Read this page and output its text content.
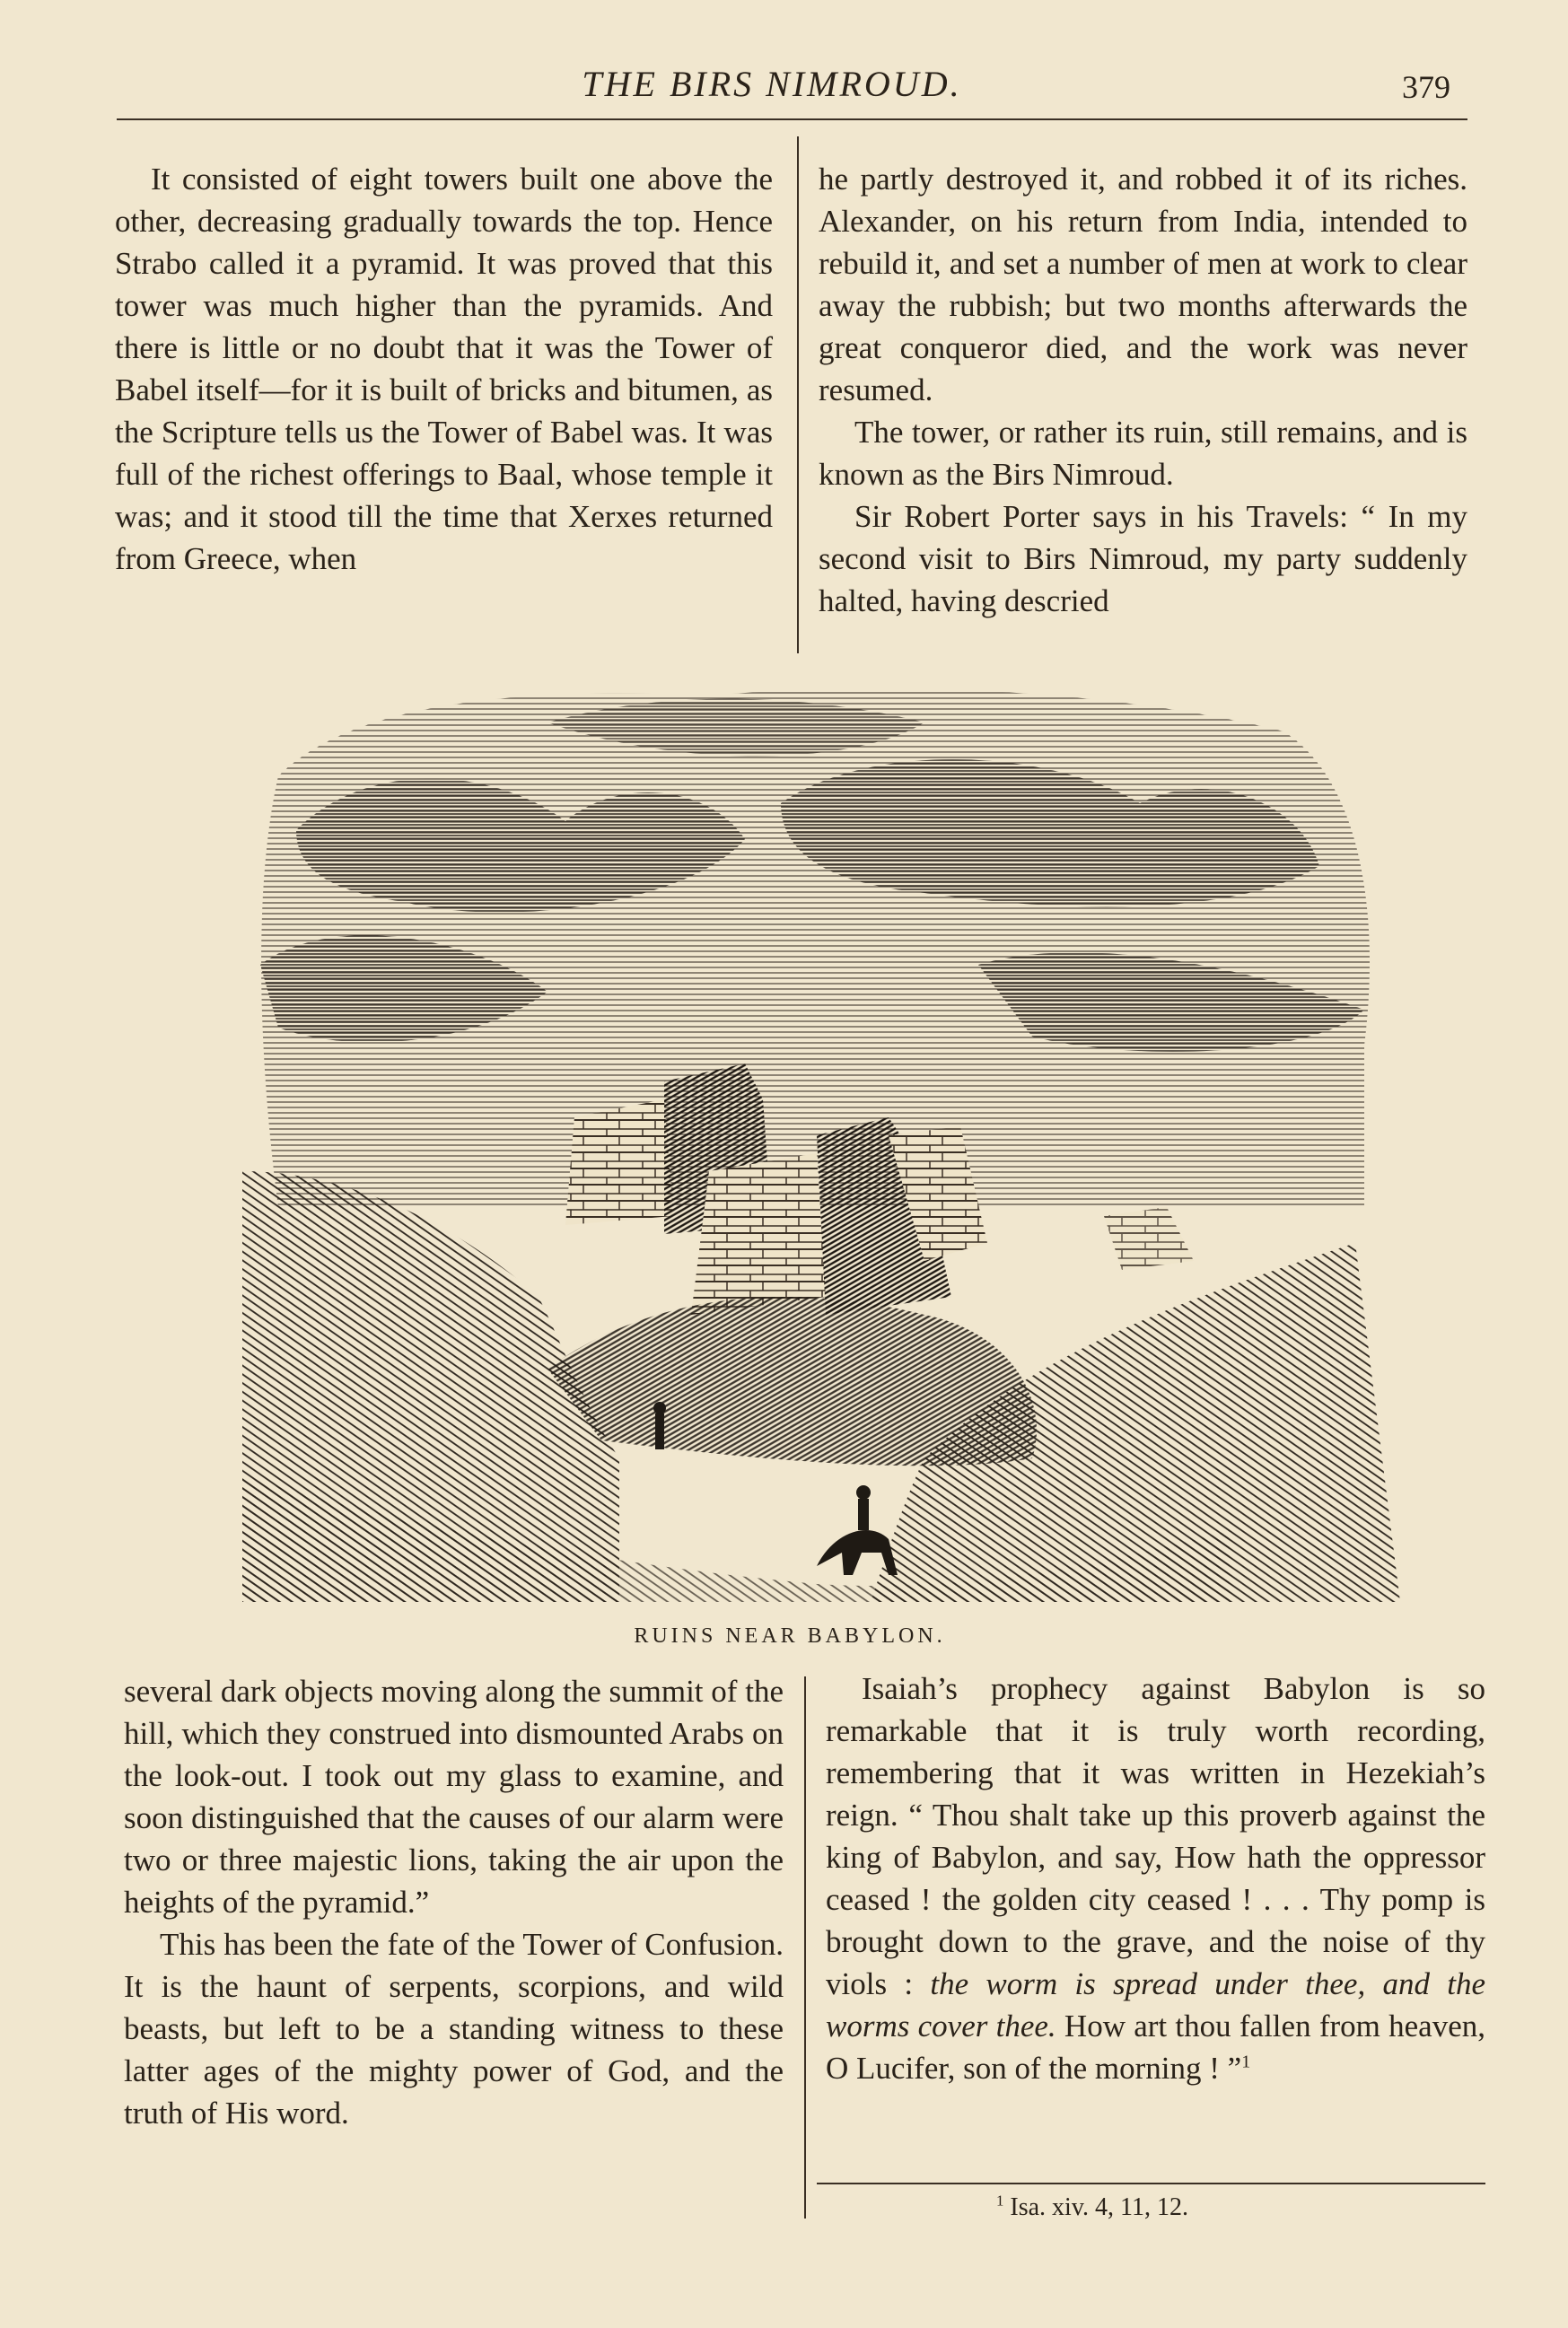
THE BIRS NIMROUD.	379

It consisted of eight towers built one above the other, decreasing gradually towards the top. Hence Strabo called it a pyramid. It was proved that this tower was much higher than the pyramids. And there is little or no doubt that it was the Tower of Babel itself—for it is built of bricks and bitumen, as the Scripture tells us the Tower of Babel was. It was full of the richest offerings to Baal, whose temple it was; and it stood till the time that Xerxes returned from Greece, when

he partly destroyed it, and robbed it of its riches. Alexander, on his return from India, intended to rebuild it, and set a number of men at work to clear away the rubbish; but two months afterwards the great conqueror died, and the work was never resumed.

The tower, or rather its ruin, still remains, and is known as the Birs Nimroud.

Sir Robert Porter says in his Travels: “ In my second visit to Birs Nimroud, my party suddenly halted, having descried

RUINS NEAR BABYLON.

several dark objects moving along the summit of the hill, which they construed into dismounted Arabs on the look-out. I took out my glass to examine, and soon distinguished that the causes of our alarm were two or three majestic lions, taking the air upon the heights of the pyramid.”

This has been the fate of the Tower of Confusion. It is the haunt of serpents, scorpions, and wild beasts, but left to be a standing witness to these latter ages of the mighty power of God, and the truth of His word.

Isaiah’s prophecy against Babylon is so remarkable that it is truly worth recording, remembering that it was written in Hezekiah’s reign. “ Thou shalt take up this proverb against the king of Babylon, and say, How hath the oppressor ceased ! the golden city ceased ! . . . Thy pomp is brought down to the grave, and the noise of thy viols : the worm is spread under thee, and the worms cover thee. How art thou fallen from heaven, O Lucifer, son of the morning ! ”$^1$

$^1$ Isa. xiv. 4, 11, 12.
